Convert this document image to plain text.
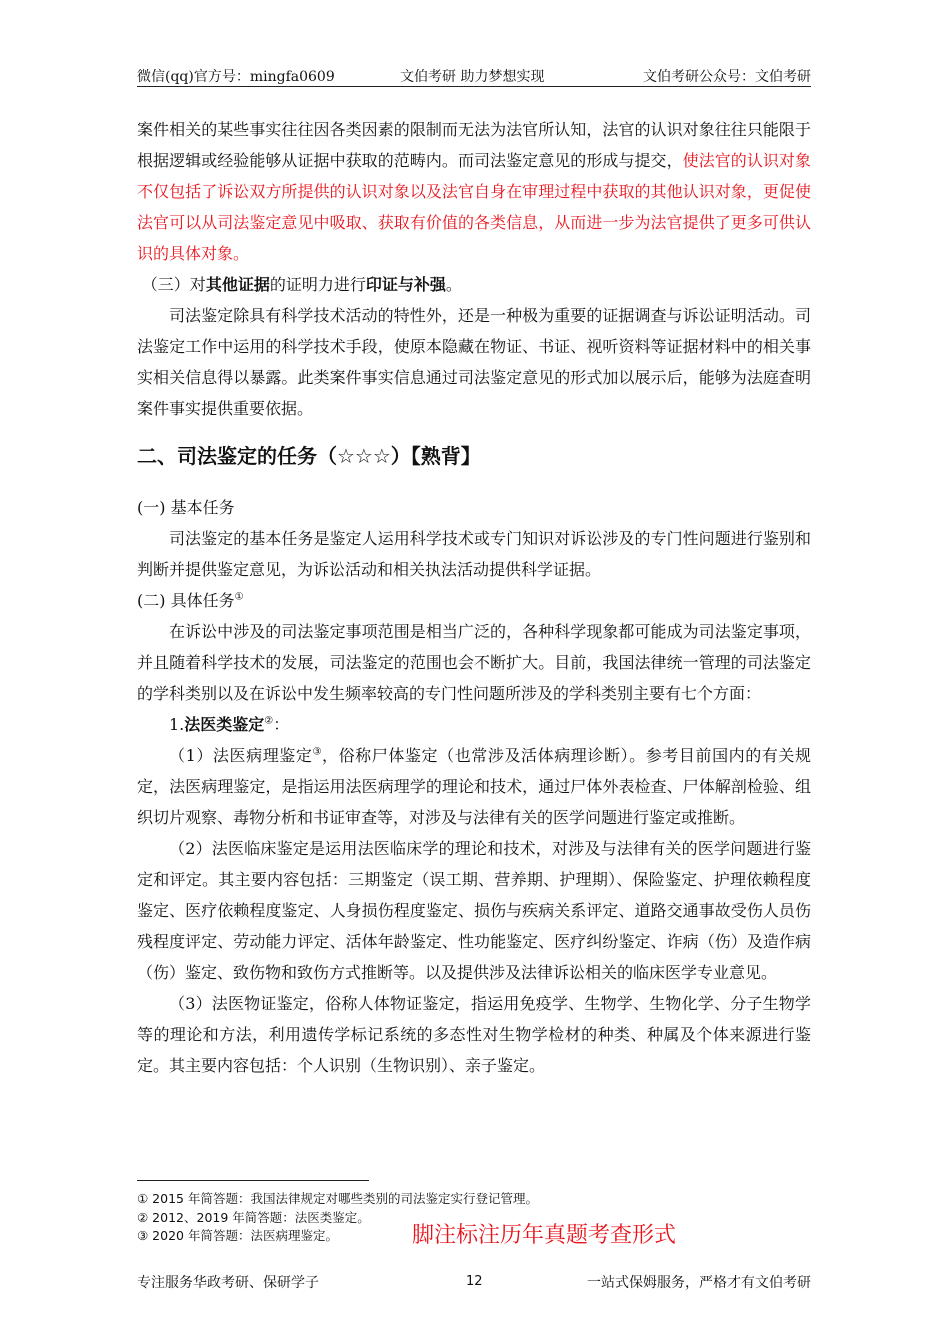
微信(qq)官方号：mingfa0609	文伯考研 助力梦想实现	文伯考研公众号：文伯考研

案件相关的某些事实往往因各类因素的限制而无法为法官所认知，法官的认识对象往往只能限于根据逻辑或经验能够从证据中获取的范畴内。而司法鉴定意见的形成与提交，使法官的认识对象不仅包括了诉讼双方所提供的认识对象以及法官自身在审理过程中获取的其他认识对象，更促使法官可以从司法鉴定意见中吸取、获取有价值的各类信息，从而进一步为法官提供了更多可供认识的具体对象。

（三）对其他证据的证明力进行印证与补强。

司法鉴定除具有科学技术活动的特性外，还是一种极为重要的证据调查与诉讼证明活动。司法鉴定工作中运用的科学技术手段，使原本隐藏在物证、书证、视听资料等证据材料中的相关事实相关信息得以暴露。此类案件事实信息通过司法鉴定意见的形式加以展示后，能够为法庭查明案件事实提供重要依据。

二、司法鉴定的任务（☆☆☆）【熟背】

(一) 基本任务

司法鉴定的基本任务是鉴定人运用科学技术或专门知识对诉讼涉及的专门性问题进行鉴别和判断并提供鉴定意见，为诉讼活动和相关执法活动提供科学证据。

(二) 具体任务①

在诉讼中涉及的司法鉴定事项范围是相当广泛的，各种科学现象都可能成为司法鉴定事项，并且随着科学技术的发展，司法鉴定的范围也会不断扩大。目前，我国法律统一管理的司法鉴定的学科类别以及在诉讼中发生频率较高的专门性问题所涉及的学科类别主要有七个方面：

1.法医类鉴定②：

（1）法医病理鉴定③，俗称尸体鉴定（也常涉及活体病理诊断）。参考目前国内的有关规定，法医病理鉴定，是指运用法医病理学的理论和技术，通过尸体外表检查、尸体解剖检验、组织切片观察、毒物分析和书证审查等，对涉及与法律有关的医学问题进行鉴定或推断。

（2）法医临床鉴定是运用法医临床学的理论和技术，对涉及与法律有关的医学问题进行鉴定和评定。其主要内容包括：三期鉴定（误工期、营养期、护理期）、保险鉴定、护理依赖程度鉴定、医疗依赖程度鉴定、人身损伤程度鉴定、损伤与疾病关系评定、道路交通事故受伤人员伤残程度评定、劳动能力评定、活体年龄鉴定、性功能鉴定、医疗纠纷鉴定、诈病（伤）及造作病（伤）鉴定、致伤物和致伤方式推断等。以及提供涉及法律诉讼相关的临床医学专业意见。

（3）法医物证鉴定，俗称人体物证鉴定，指运用免疫学、生物学、生物化学、分子生物学等的理论和方法，利用遗传学标记系统的多态性对生物学检材的种类、种属及个体来源进行鉴定。其主要内容包括：个人识别（生物识别）、亲子鉴定。

① 2015 年简答题：我国法律规定对哪些类别的司法鉴定实行登记管理。
② 2012、2019 年简答题：法医类鉴定。
③ 2020 年简答题：法医病理鉴定。	脚注标注历年真题考查形式
专注服务华政考研、保研学子	12	一站式保姆服务，严格才有文伯考研
